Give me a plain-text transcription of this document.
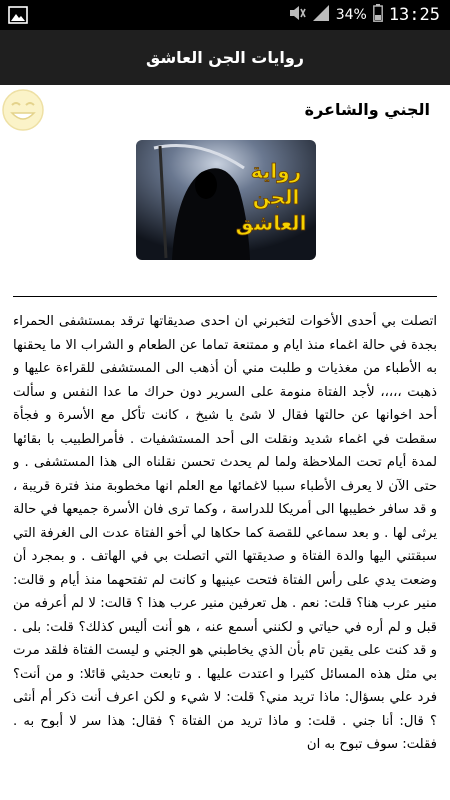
34% 13:25
روايات الجن العاشق
الجني والشاعرة
رواية
الجن
العاشق
اتصلت بي أحدى الأخوات لتخبرني ان احدى صديقاتها ترقد بمستشفى الحمراء بجدة في حالة اغماء منذ ايام و ممتنعة تماما عن الطعام و الشراب الا ما يحقنها به الأطباء من مغذيات و طلبت مني أن أذهب الى المستشفى للقراءة عليها و ذهبت ،،،،، لأجد الفتاة منومة على السرير دون حراك ما عدا النفس و سألت أحد اخوانها عن حالتها فقال لا شئ يا شيخ ، كانت تأكل مع الأسرة و فجأة سقطت في اغماء شديد ونقلت الى أحد المستشفيات . فأمرالطبيب با بقائها لمدة أيام تحت الملاحظة ولما لم يحدث تحسن نقلناه الى هذا المستشفى . و حتى الآن لا يعرف الأطباء سببا لاغمائها مع العلم انها مخطوبة منذ فترة قريبة ، و قد سافر خطيبها الى أمريكا للدراسة ، وكما ترى فان الأسرة جميعها في حالة يرثى لها . و بعد سماعي للقصة كما حكاها لي أخو الفتاة عدت الى الغرفة التي سبقتني اليها والدة الفتاة و صديقتها التي اتصلت بي في الهاتف . و بمجرد أن وضعت يدي على رأس الفتاة فتحت عينيها و كانت لم تفتحهما منذ أيام و قالت: منير عرب هنا؟ قلت: نعم . هل تعرفين منير عرب هذا ؟ قالت: لا لم أعرفه من قبل و لم أره في حياتي و لكنني أسمع عنه ، هو أنت أليس كذلك؟ قلت: بلى . و قد كنت على يقين تام بأن الذي يخاطبني هو الجني و ليست الفتاة فلقد مرت بي مثل هذه المسائل كثيرا و اعتدت عليها . و تابعت حديثي قائلا: و من أنت؟ فرد علي بسؤال: ماذا تريد مني؟ قلت: لا شيء و لكن اعرف أنت ذكر أم أنثى ؟ قال: أنا جني . قلت: و ماذا تريد من الفتاة ؟ فقال: هذا سر لا أبوح به . فقلت: سوف تبوح به ان
